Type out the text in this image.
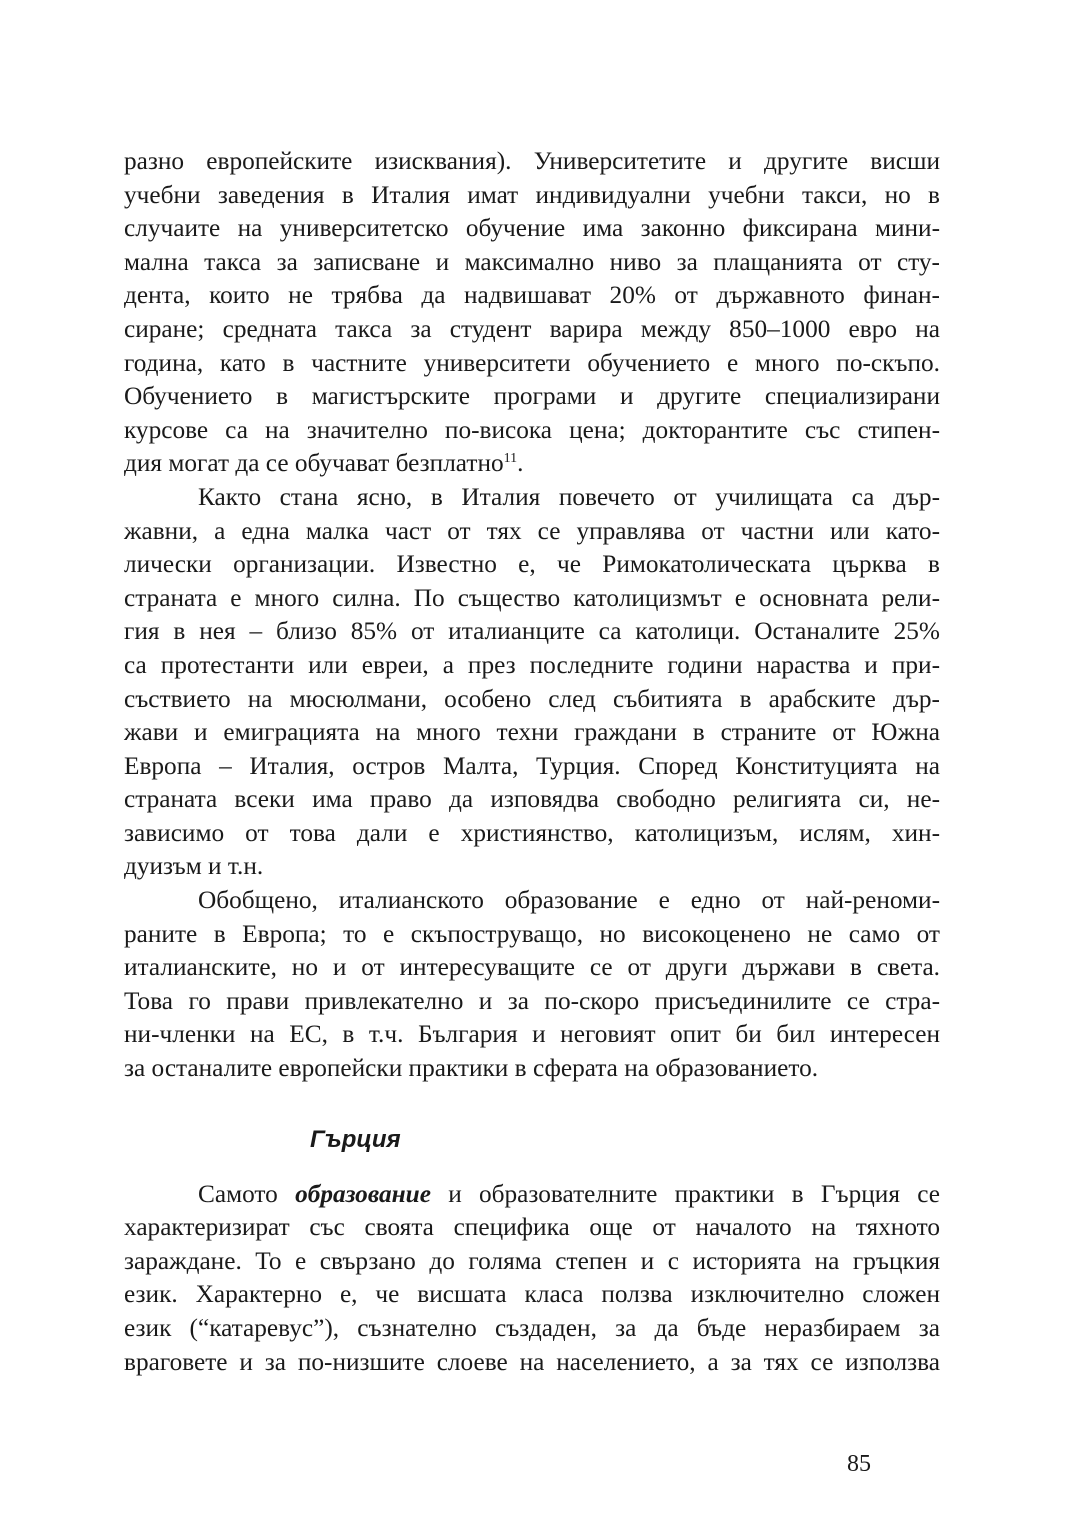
разно европейските изисквания). Университетите и другите висши
учебни заведения в Италия имат индивидуални учебни такси, но в
случаите на университетско обучение има законно фиксирана мини-
мална такса за записване и максимално ниво за плащанията от сту-
дента, които не трябва да надвишават 20% от държавното финан-
сиране; средната такса за студент варира между 850–1000 евро на
година, като в частните университети обучението е много по-скъпо.
Обучението в магистърските програми и другите специализирани
курсове са на значително по-висока цена; докторантите със стипен-
дия могат да се обучават безплатно$^{11}$.

Както стана ясно, в Италия повечето от училищата са дър-
жавни, а една малка част от тях се управлява от частни или като-
лически организации. Известно е, че Римокатолическата църква в
страната е много силна. По същество католицизмът е основната рели-
гия в нея – близо 85% от италианците са католици. Останалите 25%
са протестанти или евреи, а през последните години нараства и при-
съствието на мюсюлмани, особено след събитията в арабските дър-
жави и емиграцията на много техни граждани в страните от Южна
Европа – Италия, остров Малта, Турция. Според Конституцията на
страната всеки има право да изповядва свободно религията си, не-
зависимо от това дали е християнство, католицизъм, ислям, хин-
дуизъм и т.н.

Обобщено, италианското образование е едно от най-реноми-
раните в Европа; то е скъпоструващо, но високоценено не само от
италианските, но и от интересуващите се от други държави в света.
Това го прави привлекателно и за по-скоро присъединилите се стра-
ни-членки на ЕС, в т.ч. България и неговият опит би бил интересен
за останалите европейски практики в сферата на образованието.

Гърция

Самото образование и образователните практики в Гърция се
характеризират със своята специфика още от началото на тяхното
зараждане. То е свързано до голяма степен и с историята на гръцкия
език. Характерно е, че висшата класа ползва изключително сложен
език (“катаревус”), съзнателно създаден, за да бъде неразбираем за
враговете и за по-низшите слоеве на населението, а за тях се използва

85
